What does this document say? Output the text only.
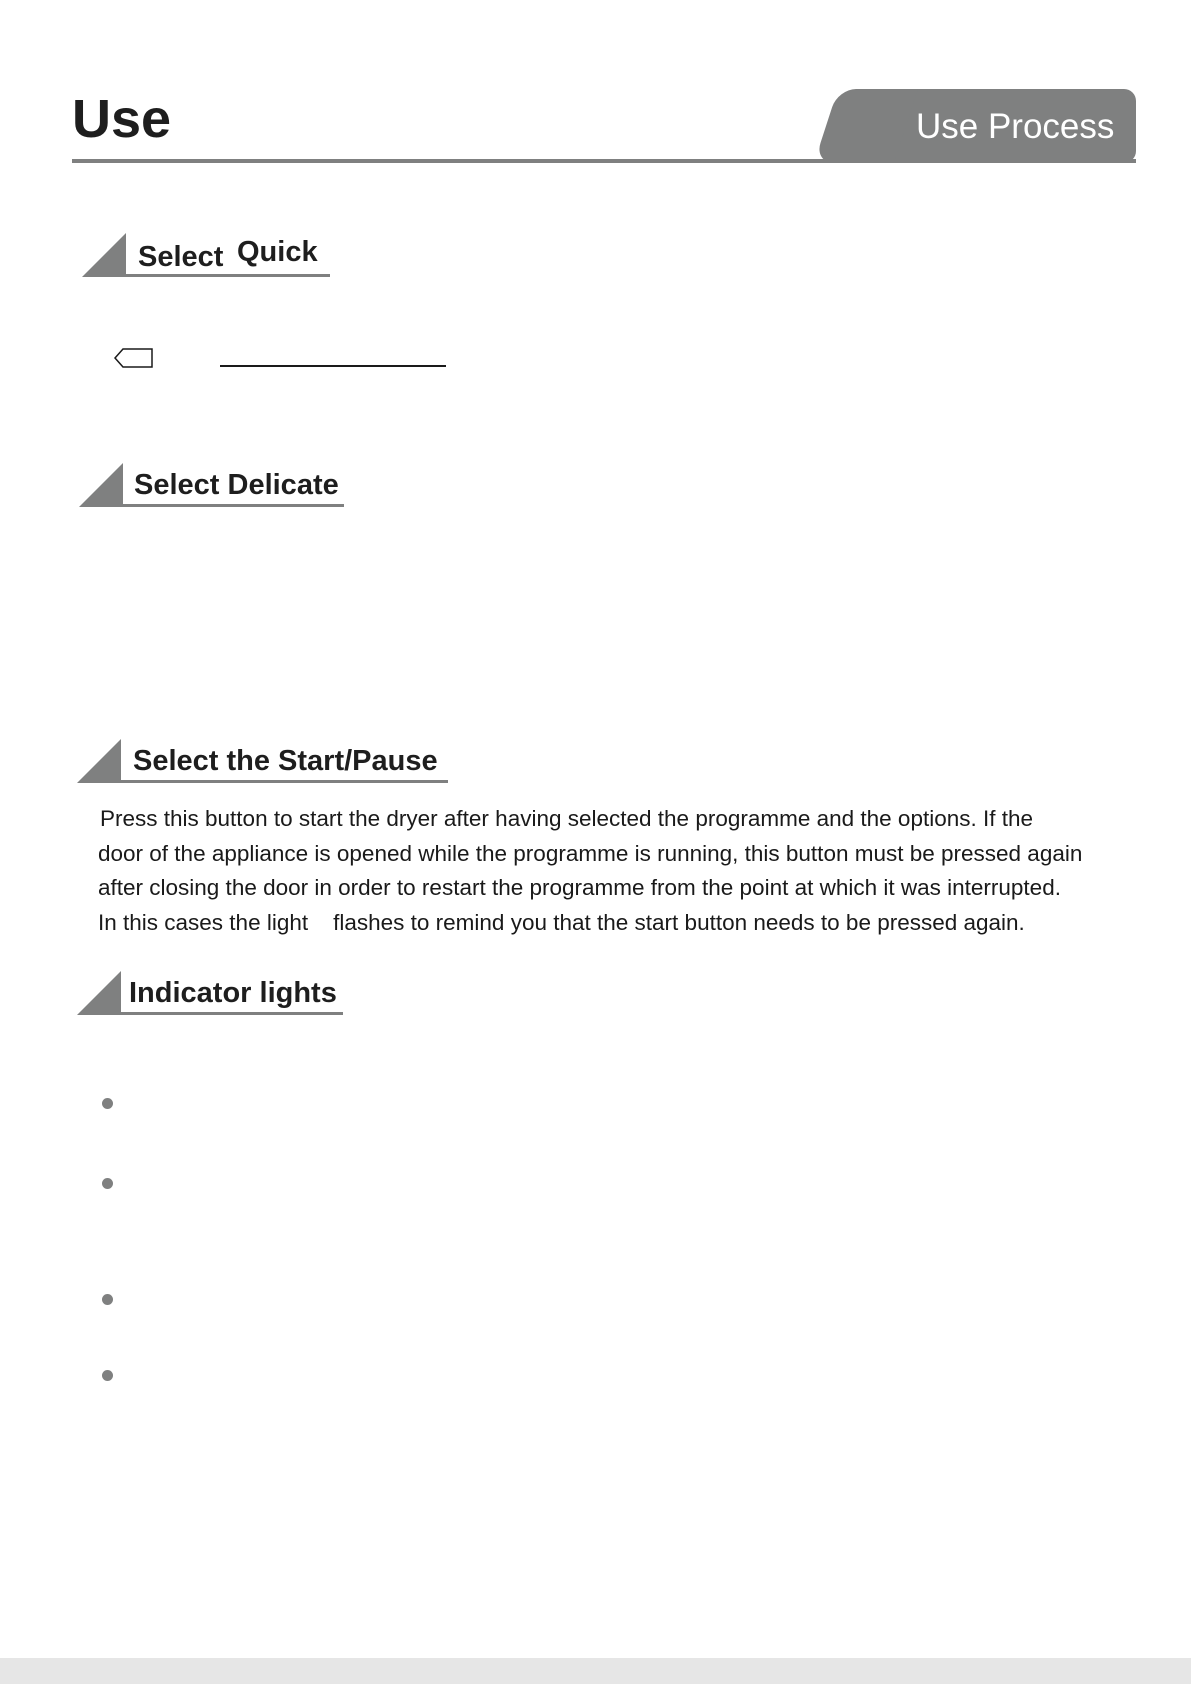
Use	Use Process
Select Quick
Select Delicate
Select the Start/Pause
Press this button to start the dryer after having selected the programme and the options. If the
door of the appliance is opened while the programme is running, this button must be pressed again
after closing the door in order to restart the programme from the point at which it was interrupted.
In this cases the light    flashes to remind you that the start button needs to be pressed again.
Indicator lights
